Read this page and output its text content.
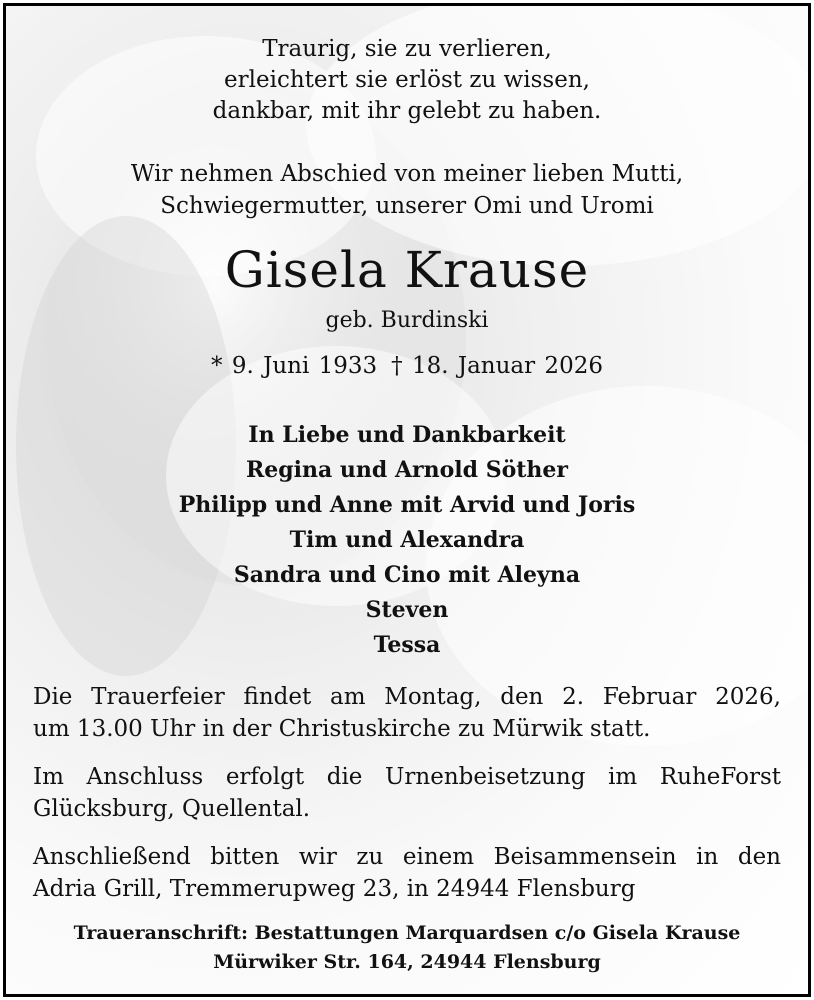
Traurig, sie zu verlieren,
erleichtert sie erlöst zu wissen,
dankbar, mit ihr gelebt zu haben.
Wir nehmen Abschied von meiner lieben Mutti,
Schwiegermutter, unserer Omi und Uromi
Gisela Krause
geb. Burdinski
* 9. Juni 1933 † 18. Januar 2026
In Liebe und Dankbarkeit
Regina und Arnold Söther
Philipp und Anne mit Arvid und Joris
Tim und Alexandra
Sandra und Cino mit Aleyna
Steven
Tessa

Die Trauerfeier findet am Montag, den 2. Februar 2026,
um 13.00 Uhr in der Christuskirche zu Mürwik statt.

Im Anschluss erfolgt die Urnenbeisetzung im RuheForst
Glücksburg, Quellental.

Anschließend bitten wir zu einem Beisammensein in den
Adria Grill, Tremmerupweg 23, in 24944 Flensburg

Traueranschrift: Bestattungen Marquardsen c/o Gisela Krause
Mürwiker Str. 164, 24944 Flensburg
